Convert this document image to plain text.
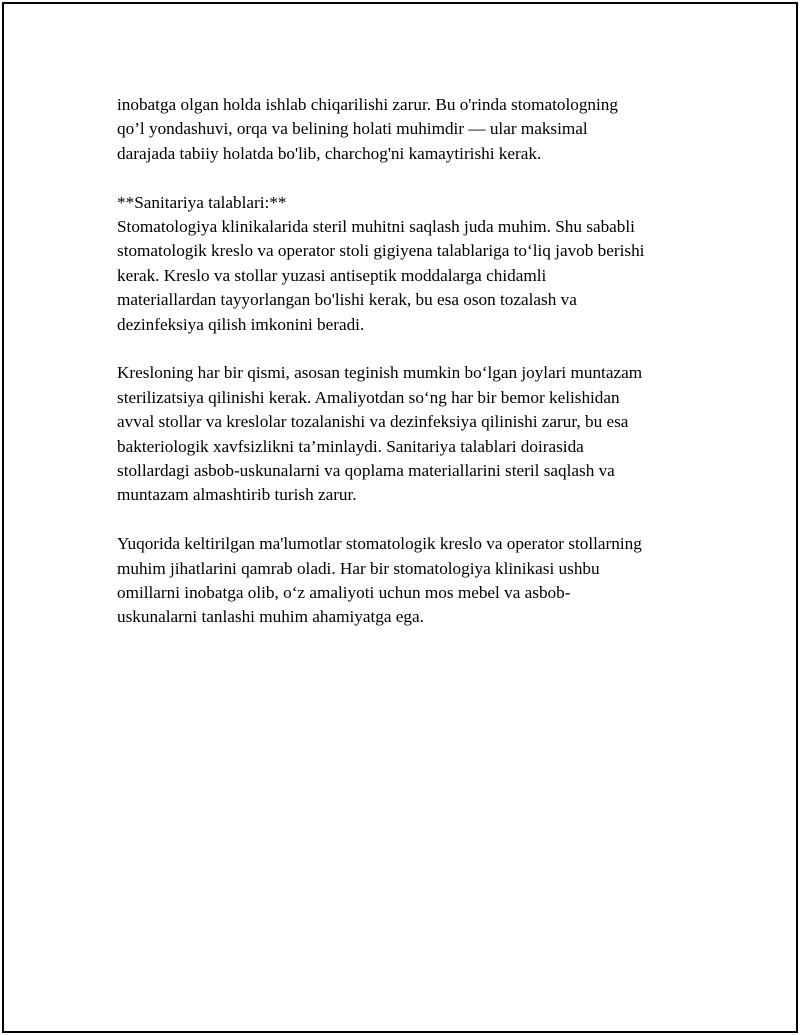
inobatga olgan holda ishlab chiqarilishi zarur. Bu o'rinda stomatologning
qo’l yondashuvi, orqa va belining holati muhimdir — ular maksimal
darajada tabiiy holatda bo'lib, charchog'ni kamaytirishi kerak.

**Sanitariya talablari:**
Stomatologiya klinikalarida steril muhitni saqlash juda muhim. Shu sababli
stomatologik kreslo va operator stoli gigiyena talablariga to‘liq javob berishi
kerak. Kreslo va stollar yuzasi antiseptik moddalarga chidamli
materiallardan tayyorlangan bo'lishi kerak, bu esa oson tozalash va
dezinfeksiya qilish imkonini beradi.

Kresloning har bir qismi, asosan teginish mumkin bo‘lgan joylari muntazam
sterilizatsiya qilinishi kerak. Amaliyotdan so‘ng har bir bemor kelishidan
avval stollar va kreslolar tozalanishi va dezinfeksiya qilinishi zarur, bu esa
bakteriologik xavfsizlikni ta’minlaydi. Sanitariya talablari doirasida
stollardagi asbob-uskunalarni va qoplama materiallarini steril saqlash va
muntazam almashtirib turish zarur.

Yuqorida keltirilgan ma'lumotlar stomatologik kreslo va operator stollarning
muhim jihatlarini qamrab oladi. Har bir stomatologiya klinikasi ushbu
omillarni inobatga olib, o‘z amaliyoti uchun mos mebel va asbob-
uskunalarni tanlashi muhim ahamiyatga ega.
